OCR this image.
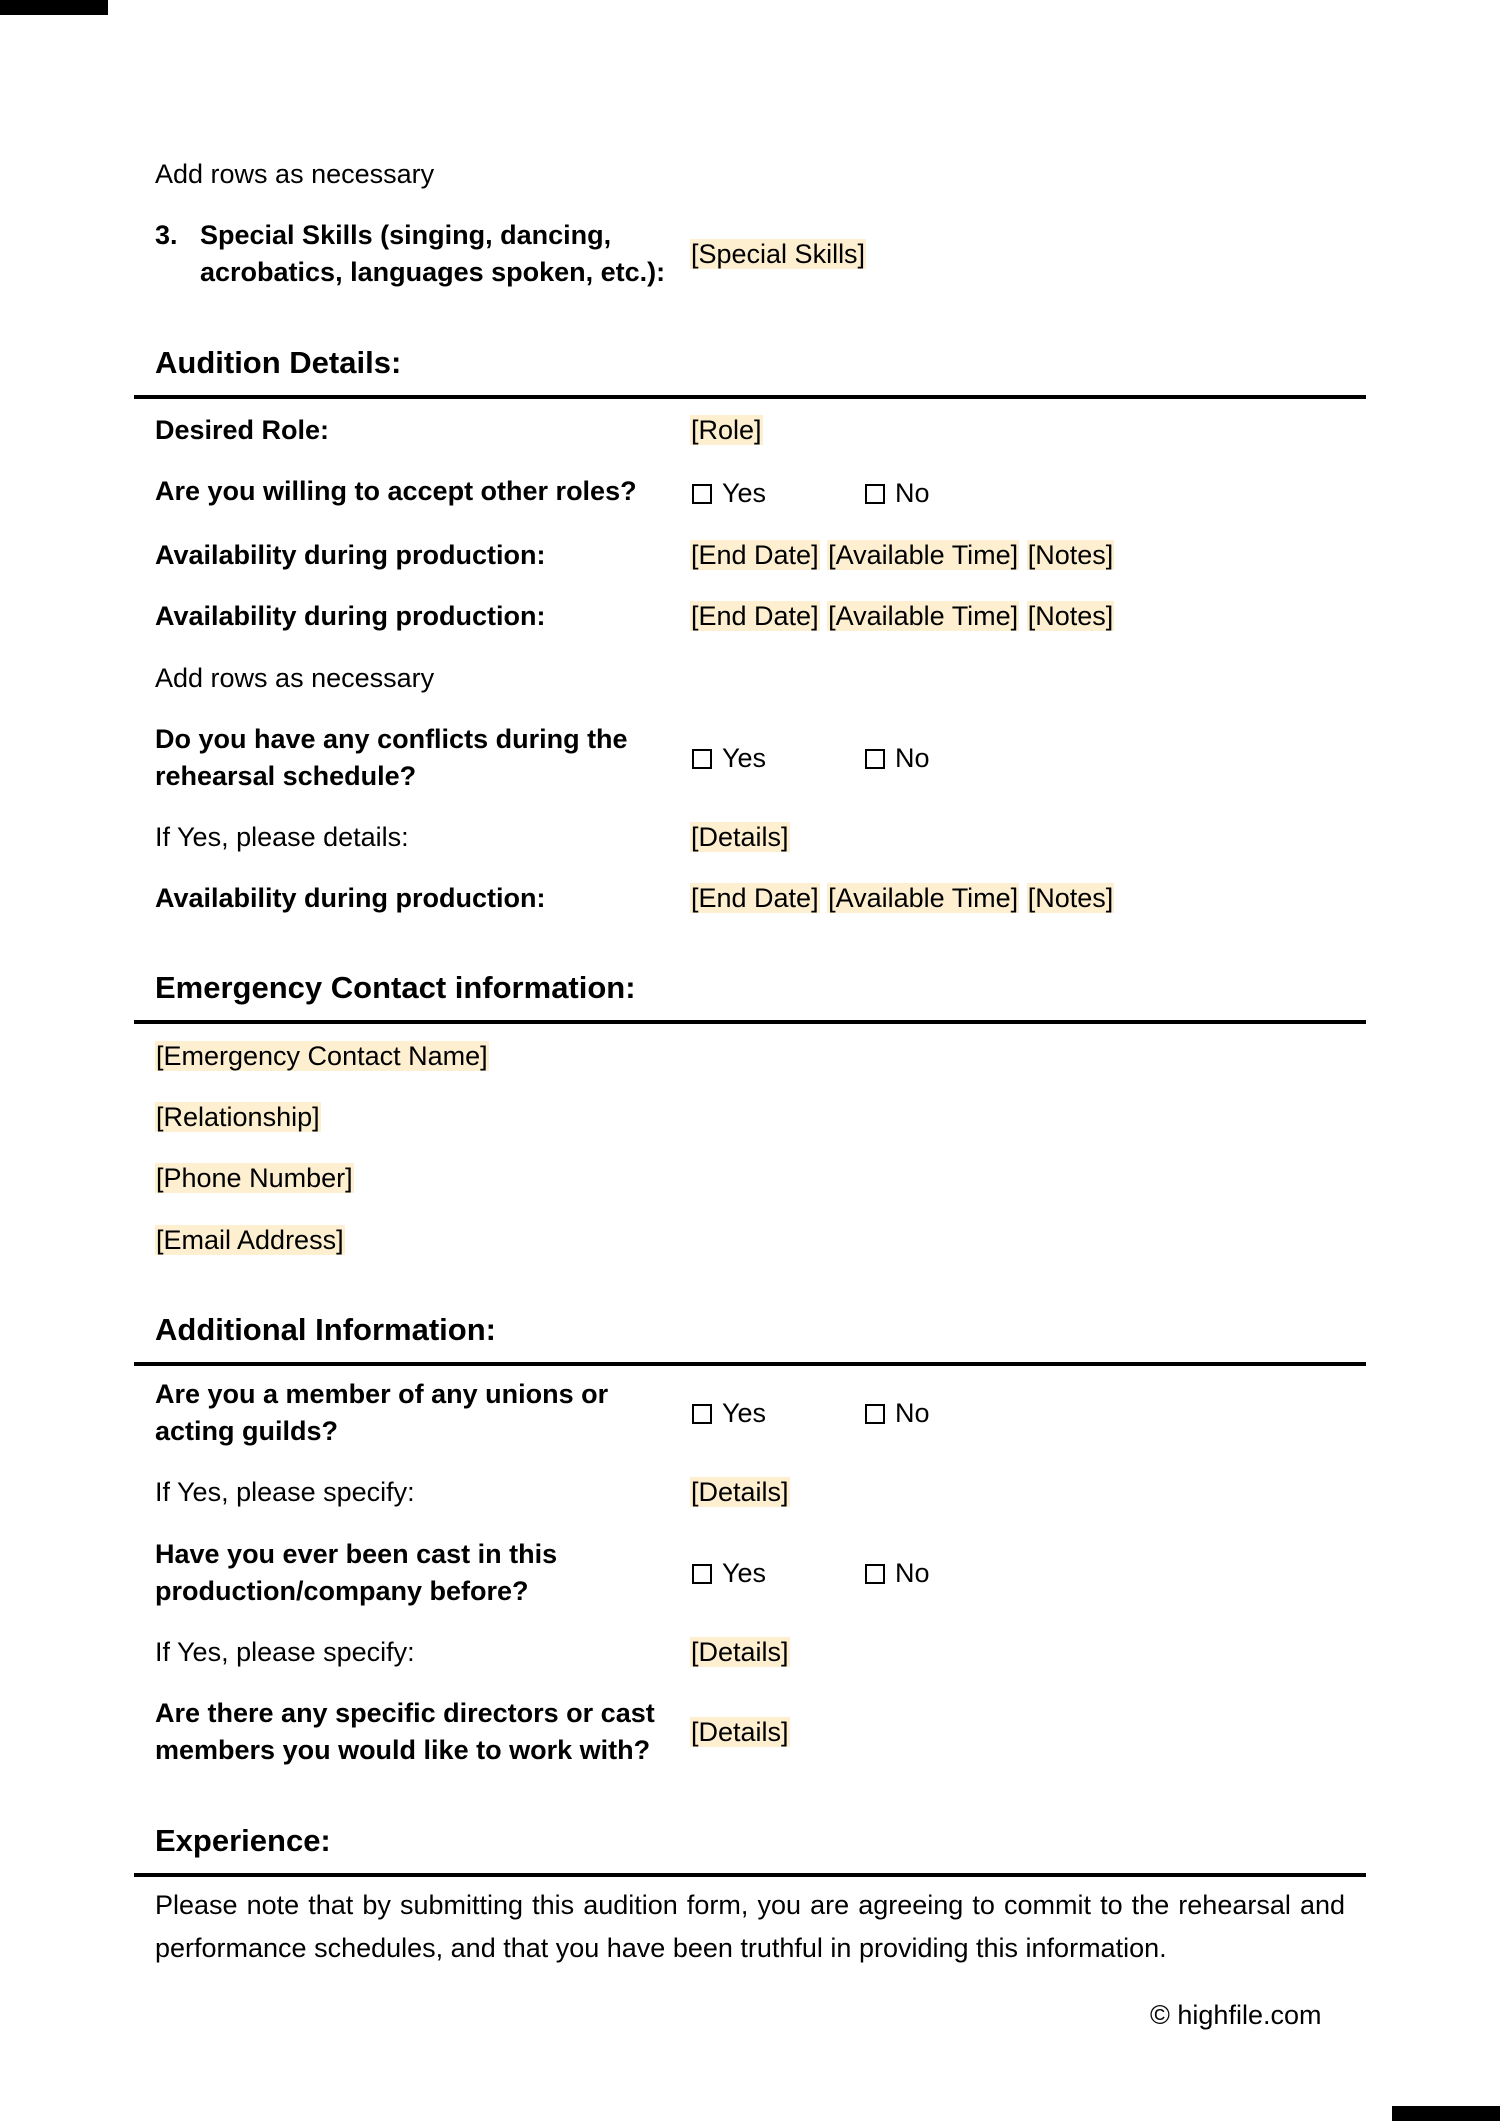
Add rows as necessary
3. Special Skills (singing, dancing,
acrobatics, languages spoken, etc.):
[Special Skills]
Audition Details:
Desired Role:	[Role]
Are you willing to accept other roles?	Yes	No
Availability during production:	[End Date] [Available Time] [Notes]
Availability during production:	[End Date] [Available Time] [Notes]
Add rows as necessary
Do you have any conflicts during the
rehearsal schedule?
Yes	No
If Yes, please details:	[Details]
Availability during production:	[End Date] [Available Time] [Notes]
Emergency Contact information:
[Emergency Contact Name]
[Relationship]
[Phone Number]
[Email Address]
Additional Information:
Are you a member of any unions or
acting guilds?
Yes	No
If Yes, please specify:	[Details]
Have you ever been cast in this
production/company before?
Yes	No
If Yes, please specify:	[Details]
Are there any specific directors or cast
members you would like to work with?
[Details]
Experience:
Please note that by submitting this audition form, you are agreeing to commit to the rehearsal and performance schedules, and that you have been truthful in providing this information.
© highfile.com
